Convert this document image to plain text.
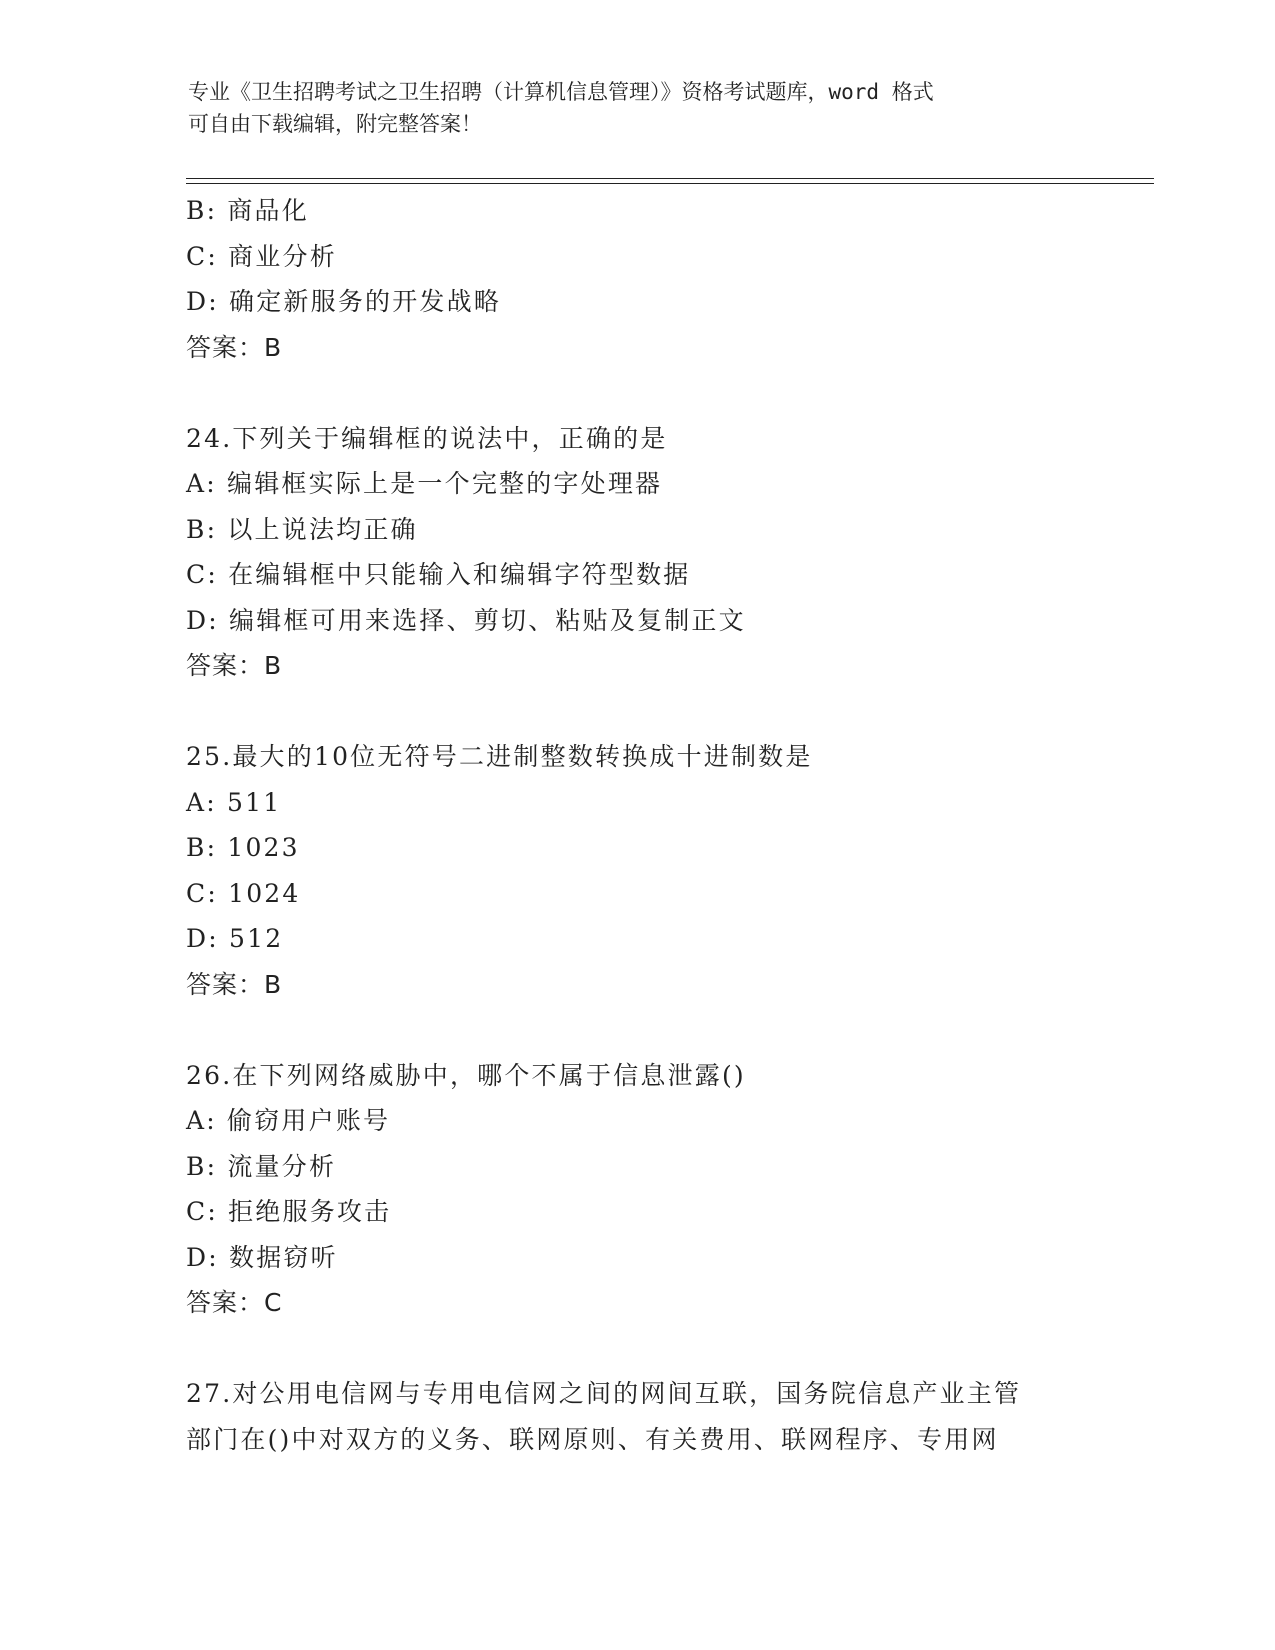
专业《卫生招聘考试之卫生招聘（计算机信息管理）》资格考试题库，word 格式
可自由下载编辑，附完整答案！
B: 商品化
C: 商业分析
D: 确定新服务的开发战略
答案：B
24.下列关于编辑框的说法中，正确的是
A: 编辑框实际上是一个完整的字处理器
B: 以上说法均正确
C: 在编辑框中只能输入和编辑字符型数据
D: 编辑框可用来选择、剪切、粘贴及复制正文
答案：B
25.最大的10位无符号二进制整数转换成十进制数是
A: 511
B: 1023
C: 1024
D: 512
答案：B
26.在下列网络威胁中，哪个不属于信息泄露()
A: 偷窃用户账号
B: 流量分析
C: 拒绝服务攻击
D: 数据窃听
答案：C
27.对公用电信网与专用电信网之间的网间互联，国务院信息产业主管
部门在()中对双方的义务、联网原则、有关费用、联网程序、专用网
